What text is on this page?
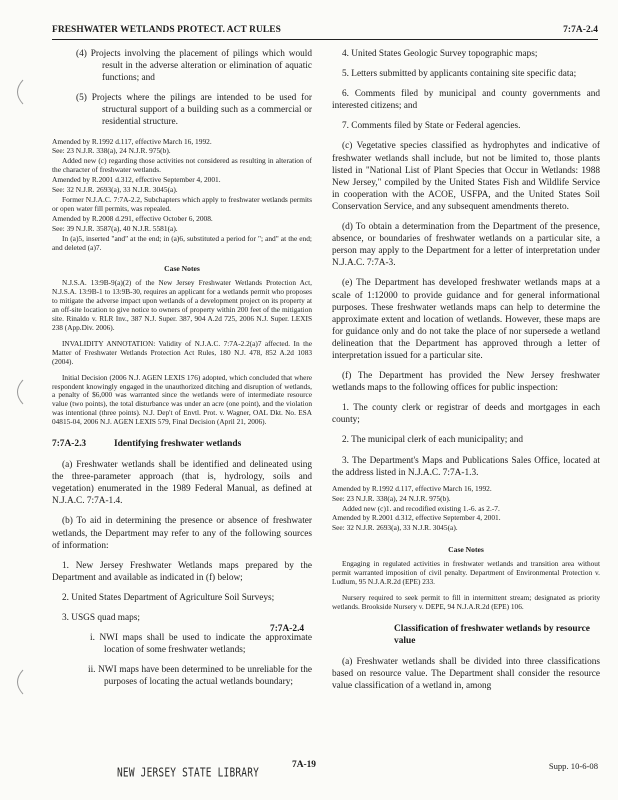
FRESHWATER WETLANDS PROTECT. ACT RULES	7:7A-2.4

(4) Projects involving the placement of pilings which would result in the adverse alteration or elimination of aquatic functions; and

(5) Projects where the pilings are intended to be used for structural support of a building such as a commercial or residential structure.

Amended by R.1992 d.117, effective March 16, 1992.

See: 23 N.J.R. 338(a), 24 N.J.R. 975(b).

Added new (c) regarding those activities not considered as resulting in alteration of the character of freshwater wetlands.

Amended by R.2001 d.312, effective September 4, 2001.

See: 32 N.J.R. 2693(a), 33 N.J.R. 3045(a).

Former N.J.A.C. 7:7A-2.2, Subchapters which apply to freshwater wetlands permits or open water fill permits, was repealed.

Amended by R.2008 d.291, effective October 6, 2008.

See: 39 N.J.R. 3587(a), 40 N.J.R. 5581(a).

In (a)5, inserted "and" at the end; in (a)6, substituted a period for "; and" at the end; and deleted (a)7.

Case Notes

N.J.S.A. 13:9B-9(a)(2) of the New Jersey Freshwater Wetlands Protection Act, N.J.S.A. 13:9B-1 to 13:9B-30, requires an applicant for a wetlands permit who proposes to mitigate the adverse impact upon wetlands of a development project on its property at an off-site location to give notice to owners of property within 200 feet of the mitigation site. Rinaldo v. RLR Inv., 387 N.J. Super. 387, 904 A.2d 725, 2006 N.J. Super. LEXIS 238 (App.Div. 2006).

INVALIDITY ANNOTATION: Validity of N.J.A.C. 7:7A-2.2(a)7 affected. In the Matter of Freshwater Wetlands Protection Act Rules, 180 N.J. 478, 852 A.2d 1083 (2004).

Initial Decision (2006 N.J. AGEN LEXIS 176) adopted, which concluded that where respondent knowingly engaged in the unauthorized ditching and disruption of wetlands, a penalty of $6,000 was warranted since the wetlands were of intermediate resource value (two points), the total disturbance was under an acre (one point), and the violation was intentional (three points). N.J. Dep't of Envtl. Prot. v. Wagner, OAL Dkt. No. ESA 04815-04, 2006 N.J. AGEN LEXIS 579, Final Decision (April 21, 2006).

7:7A-2.3	Identifying freshwater wetlands

(a) Freshwater wetlands shall be identified and delineated using the three-parameter approach (that is, hydrology, soils and vegetation) enumerated in the 1989 Federal Manual, as defined at N.J.A.C. 7:7A-1.4.

(b) To aid in determining the presence or absence of freshwater wetlands, the Department may refer to any of the following sources of information:

1. New Jersey Freshwater Wetlands maps prepared by the Department and available as indicated in (f) below;

2. United States Department of Agriculture Soil Surveys;

3. USGS quad maps;

i. NWI maps shall be used to indicate the approximate location of some freshwater wetlands;

ii. NWI maps have been determined to be unreliable for the purposes of locating the actual wetlands boundary;

4. United States Geologic Survey topographic maps;

5. Letters submitted by applicants containing site specific data;

6. Comments filed by municipal and county governments and interested citizens; and

7. Comments filed by State or Federal agencies.

(c) Vegetative species classified as hydrophytes and indicative of freshwater wetlands shall include, but not be limited to, those plants listed in "National List of Plant Species that Occur in Wetlands: 1988 New Jersey," compiled by the United States Fish and Wildlife Service in cooperation with the ACOE, USFPA, and the United States Soil Conservation Service, and any subsequent amendments thereto.

(d) To obtain a determination from the Department of the presence, absence, or boundaries of freshwater wetlands on a particular site, a person may apply to the Department for a letter of interpretation under N.J.A.C. 7:7A-3.

(e) The Department has developed freshwater wetlands maps at a scale of 1:12000 to provide guidance and for general informational purposes. These freshwater wetlands maps can help to determine the approximate extent and location of wetlands. However, these maps are for guidance only and do not take the place of nor supersede a wetland delineation that the Department has approved through a letter of interpretation issued for a particular site.

(f) The Department has provided the New Jersey freshwater wetlands maps to the following offices for public inspection:

1. The county clerk or registrar of deeds and mortgages in each county;

2. The municipal clerk of each municipality; and

3. The Department's Maps and Publications Sales Office, located at the address listed in N.J.A.C. 7:7A-1.3.

Amended by R.1992 d.117, effective March 16, 1992.

See: 23 N.J.R. 338(a), 24 N.J.R. 975(b).

Added new (c)1. and recodified existing 1.-6. as 2.-7.

Amended by R.2001 d.312, effective September 4, 2001.

See: 32 N.J.R. 2693(a), 33 N.J.R. 3045(a).

Case Notes

Engaging in regulated activities in freshwater wetlands and transition area without permit warranted imposition of civil penalty. Department of Environmental Protection v. Ludlum, 95 N.J.A.R.2d (EPE) 233.

Nursery required to seek permit to fill in intermittent stream; designated as priority wetlands. Brookside Nursery v. DEPE, 94 N.J.A.R.2d (EPE) 106.

7:7A-2.4	Classification of freshwater wetlands by resource value

(a) Freshwater wetlands shall be divided into three classifications based on resource value. The Department shall consider the resource value classification of a wetland in, among

NEW JERSEY STATE LIBRARY
7A-19	Supp. 10-6-08
